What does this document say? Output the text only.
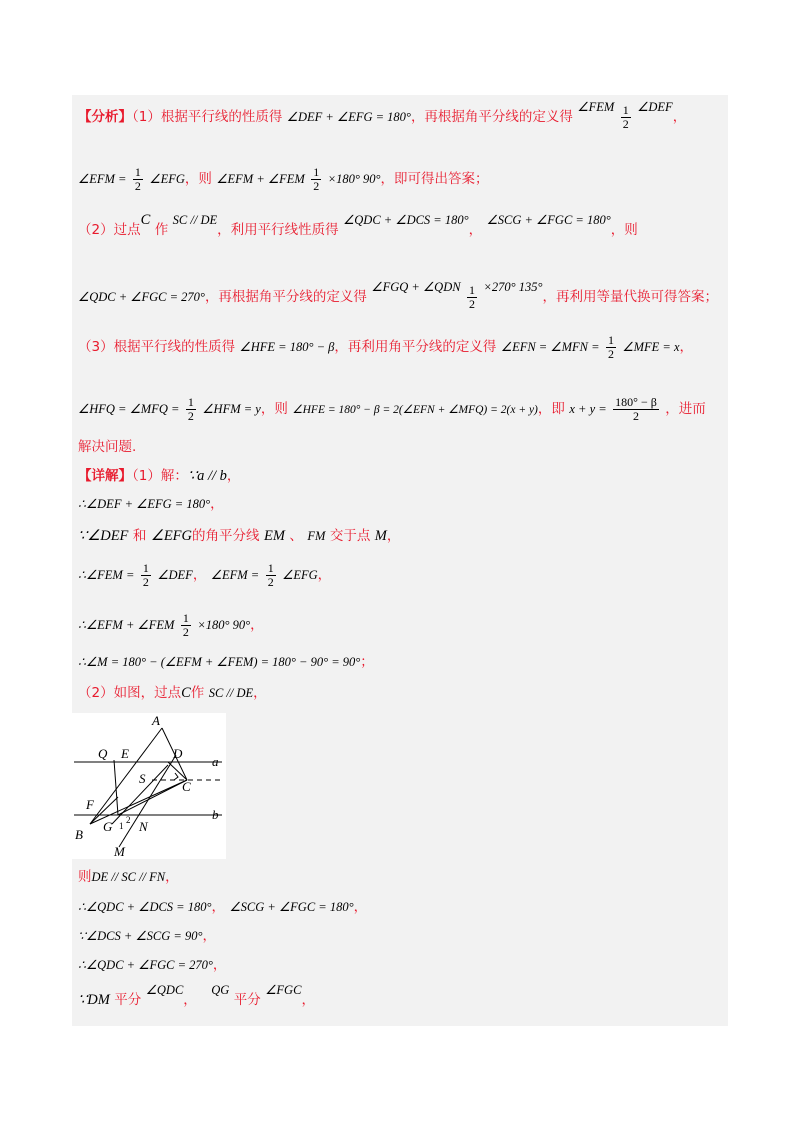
【分析】（1）根据平行线的性质得 ∠DEF + ∠EFG = 180°，再根据角平分线的定义得 ∠FEM $\frac{1}{2}$ ∠DEF，
∠EFM = $\frac{1}{2}$ ∠EFG，则 ∠EFM + ∠FEM $\frac{1}{2} \times 180^\circ$ 90°，即可得出答案；
（2）过点C 作 SC // DE，利用平行线性质得 ∠QDC + ∠DCS = 180°， ∠SCG + ∠FGC = 180°，则
∠QDC + ∠FGC = 270°，再根据角平分线的定义得 ∠FGQ + ∠QDN $\frac{1}{2} \times 270^\circ$ 135°，再利用等量代换可得答案；
（3）根据平行线的性质得 ∠HFE = 180° − β，再利用角平分线的定义得 ∠EFN = ∠MFN = $\frac{1}{2}$ ∠MFE = x，
∠HFQ = ∠MFQ = $\frac{1}{2}$ ∠HFM = y，则 ∠HFE = 180° − β = 2(∠EFN + ∠MFQ) = 2(x + y)，即 $x + y = \frac{180^\circ - \beta}{2}$ ，进而
解决问题.
【详解】（1）解：∵a // b，
∴∠DEF + ∠EFG = 180°，
∵∠DEF 和 ∠EFG的角平分线 EM 、 FM 交于点 M，
∴∠FEM = $\frac{1}{2}$ ∠DEF， ∠EFM = $\frac{1}{2}$ ∠EFG，
∴∠EFM + ∠FEM $\frac{1}{2} \times 180^\circ$ 90°，
∴∠M = 180° − (∠EFM + ∠FEM) = 180° − 90° = 90°；
（2）如图，过点C作 SC // DE，
A
Q E	D
a
S
C
F
b
B
G 1
2 N
M
则DE // SC // FN，
∴∠QDC + ∠DCS = 180°， ∠SCG + ∠FGC = 180°，
∵∠DCS + ∠SCG = 90°，
∴∠QDC + ∠FGC = 270°，
∵DM 平分 ∠QDC， QG 平分 ∠FGC，
